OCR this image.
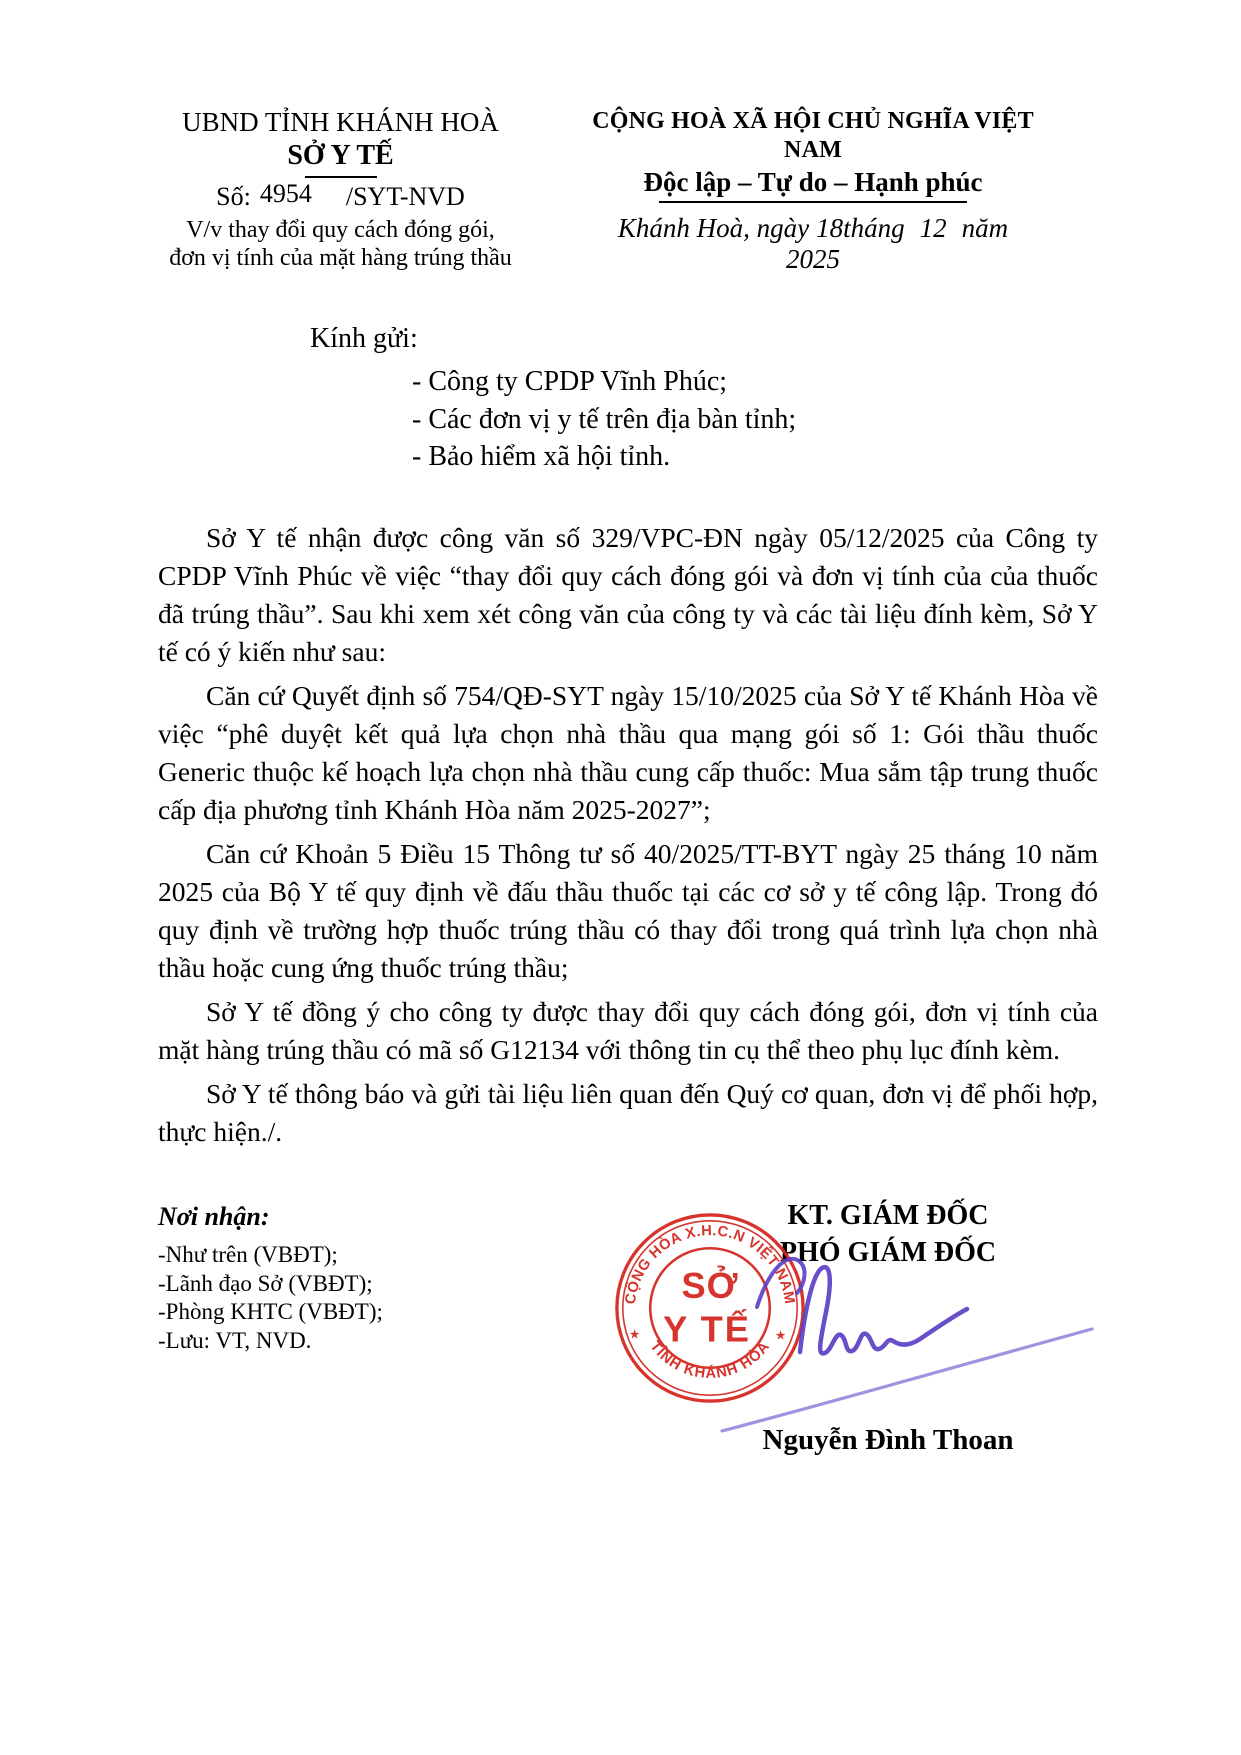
UBND TỈNH KHÁNH HOÀ
SỞ Y TẾ
Số: 4954 /SYT-NVD
V/v thay đổi quy cách đóng gói,
đơn vị tính của mặt hàng trúng thầu
CỘNG HOÀ XÃ HỘI CHỦ NGHĨA VIỆT NAM
Độc lập – Tự do – Hạnh phúc
Khánh Hoà, ngày 18tháng 12 năm 2025
Kính gửi:
- Công ty CPDP Vĩnh Phúc;
- Các đơn vị y tế trên địa bàn tỉnh;
- Bảo hiểm xã hội tỉnh.

Sở Y tế nhận được công văn số 329/VPC-ĐN ngày 05/12/2025 của Công ty CPDP Vĩnh Phúc về việc “thay đổi quy cách đóng gói và đơn vị tính của của thuốc đã trúng thầu”. Sau khi xem xét công văn của công ty và các tài liệu đính kèm, Sở Y tế có ý kiến như sau:

Căn cứ Quyết định số 754/QĐ-SYT ngày 15/10/2025 của Sở Y tế Khánh Hòa về việc “phê duyệt kết quả lựa chọn nhà thầu qua mạng gói số 1: Gói thầu thuốc Generic thuộc kế hoạch lựa chọn nhà thầu cung cấp thuốc: Mua sắm tập trung thuốc cấp địa phương tỉnh Khánh Hòa năm 2025-2027”;

Căn cứ Khoản 5 Điều 15 Thông tư số 40/2025/TT-BYT ngày 25 tháng 10 năm 2025 của Bộ Y tế quy định về đấu thầu thuốc tại các cơ sở y tế công lập. Trong đó quy định về trường hợp thuốc trúng thầu có thay đổi trong quá trình lựa chọn nhà thầu hoặc cung ứng thuốc trúng thầu;

Sở Y tế đồng ý cho công ty được thay đổi quy cách đóng gói, đơn vị tính của mặt hàng trúng thầu có mã số G12134 với thông tin cụ thể theo phụ lục đính kèm.

Sở Y tế thông báo và gửi tài liệu liên quan đến Quý cơ quan, đơn vị để phối hợp, thực hiện./.

Nơi nhận:
-Như trên (VBĐT);
-Lãnh đạo Sở (VBĐT);
-Phòng KHTC (VBĐT);
-Lưu: VT, NVD.
KT. GIÁM ĐỐC
PHÓ GIÁM ĐỐC
Nguyễn Đình Thoan
CỘNG HÒA X.H.C.N VIỆT NAM
TỈNH KHÁNH HÒA
★	★
SỞ
Y TẾ
